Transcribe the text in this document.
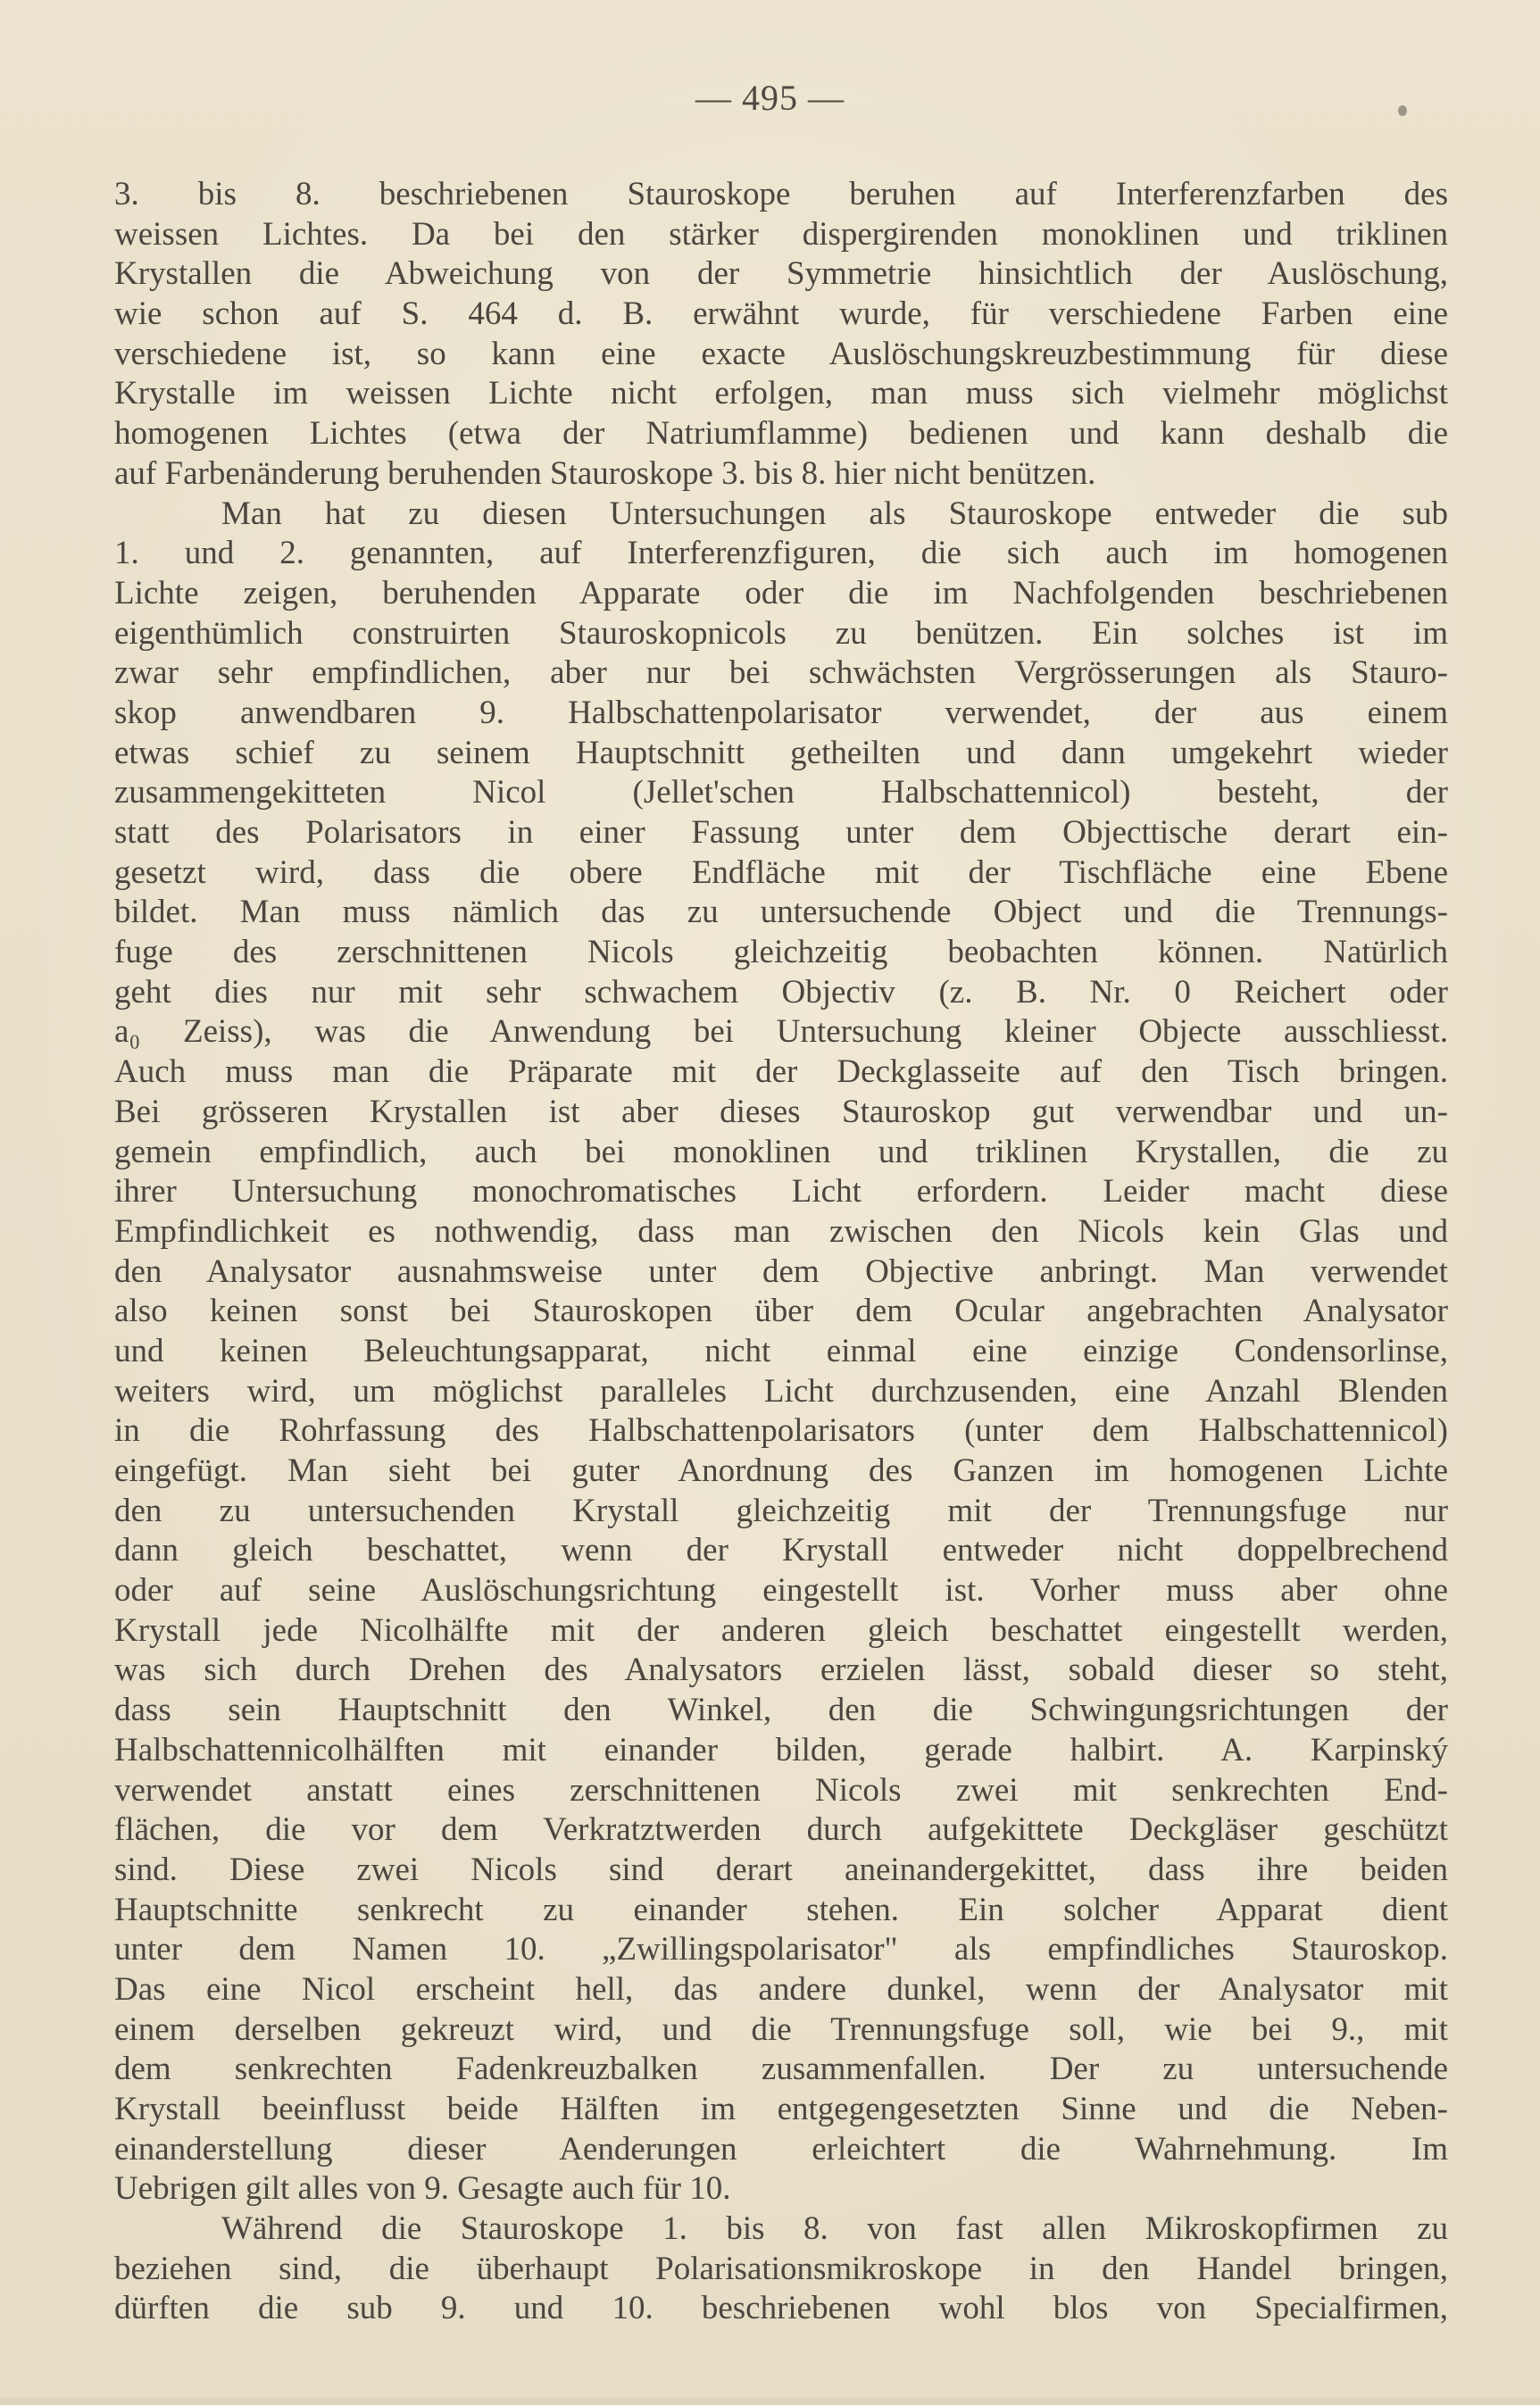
— 495 —
3. bis 8. beschriebenen Stauroskope beruhen auf Interferenzfarben des
weissen Lichtes. Da bei den stärker dispergirenden monoklinen und triklinen
Krystallen die Abweichung von der Symmetrie hinsichtlich der Auslöschung,
wie schon auf S. 464 d. B. erwähnt wurde, für verschiedene Farben eine
verschiedene ist, so kann eine exacte Auslöschungskreuzbestimmung für diese
Krystalle im weissen Lichte nicht erfolgen, man muss sich vielmehr möglichst
homogenen Lichtes (etwa der Natriumflamme) bedienen und kann deshalb die
auf Farbenänderung beruhenden Stauroskope 3. bis 8. hier nicht benützen.
Man hat zu diesen Untersuchungen als Stauroskope entweder die sub
1. und 2. genannten, auf Interferenzfiguren, die sich auch im homogenen
Lichte zeigen, beruhenden Apparate oder die im Nachfolgenden beschriebenen
eigenthümlich construirten Stauroskopnicols zu benützen. Ein solches ist im
zwar sehr empfindlichen, aber nur bei schwächsten Vergrösserungen als Stauro-
skop anwendbaren 9. Halbschattenpolarisator verwendet, der aus einem
etwas schief zu seinem Hauptschnitt getheilten und dann umgekehrt wieder
zusammengekitteten Nicol (Jellet'schen Halbschattennicol) besteht, der
statt des Polarisators in einer Fassung unter dem Objecttische derart ein-
gesetzt wird, dass die obere Endfläche mit der Tischfläche eine Ebene
bildet. Man muss nämlich das zu untersuchende Object und die Trennungs-
fuge des zerschnittenen Nicols gleichzeitig beobachten können. Natürlich
geht dies nur mit sehr schwachem Objectiv (z. B. Nr. 0 Reichert oder
a₀ Zeiss), was die Anwendung bei Untersuchung kleiner Objecte ausschliesst.
Auch muss man die Präparate mit der Deckglasseite auf den Tisch bringen.
Bei grösseren Krystallen ist aber dieses Stauroskop gut verwendbar und un-
gemein empfindlich, auch bei monoklinen und triklinen Krystallen, die zu
ihrer Untersuchung monochromatisches Licht erfordern. Leider macht diese
Empfindlichkeit es nothwendig, dass man zwischen den Nicols kein Glas und
den Analysator ausnahmsweise unter dem Objective anbringt. Man verwendet
also keinen sonst bei Stauroskopen über dem Ocular angebrachten Analysator
und keinen Beleuchtungsapparat, nicht einmal eine einzige Condensorlinse,
weiters wird, um möglichst paralleles Licht durchzusenden, eine Anzahl Blenden
in die Rohrfassung des Halbschattenpolarisators (unter dem Halbschattennicol)
eingefügt. Man sieht bei guter Anordnung des Ganzen im homogenen Lichte
den zu untersuchenden Krystall gleichzeitig mit der Trennungsfuge nur
dann gleich beschattet, wenn der Krystall entweder nicht doppelbrechend
oder auf seine Auslöschungsrichtung eingestellt ist. Vorher muss aber ohne
Krystall jede Nicolhälfte mit der anderen gleich beschattet eingestellt werden,
was sich durch Drehen des Analysators erzielen lässt, sobald dieser so steht,
dass sein Hauptschnitt den Winkel, den die Schwingungsrichtungen der
Halbschattennicolhälften mit einander bilden, gerade halbirt. A. Karpinský
verwendet anstatt eines zerschnittenen Nicols zwei mit senkrechten End-
flächen, die vor dem Verkratztwerden durch aufgekittete Deckgläser geschützt
sind. Diese zwei Nicols sind derart aneinandergekittet, dass ihre beiden
Hauptschnitte senkrecht zu einander stehen. Ein solcher Apparat dient
unter dem Namen 10. „Zwillingspolarisator" als empfindliches Stauroskop.
Das eine Nicol erscheint hell, das andere dunkel, wenn der Analysator mit
einem derselben gekreuzt wird, und die Trennungsfuge soll, wie bei 9., mit
dem senkrechten Fadenkreuzbalken zusammenfallen. Der zu untersuchende
Krystall beeinflusst beide Hälften im entgegengesetzten Sinne und die Neben-
einanderstellung dieser Aenderungen erleichtert die Wahrnehmung. Im
Uebrigen gilt alles von 9. Gesagte auch für 10.
Während die Stauroskope 1. bis 8. von fast allen Mikroskopfirmen zu
beziehen sind, die überhaupt Polarisationsmikroskope in den Handel bringen,
dürften die sub 9. und 10. beschriebenen wohl blos von Specialfirmen,
